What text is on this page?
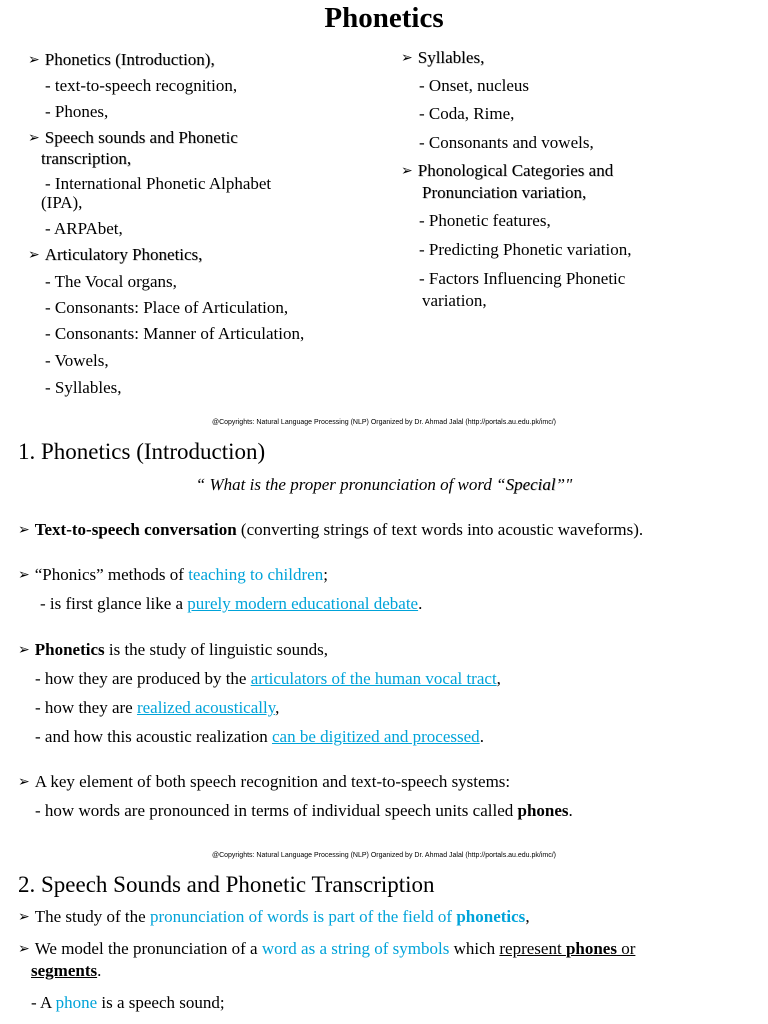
Phonetics
➢ Phonetics (Introduction),
- text-to-speech recognition,
- Phones,
➢ Speech sounds and Phonetic
transcription,
- International Phonetic Alphabet
(IPA),
- ARPAbet,
➢ Articulatory Phonetics,
- The Vocal organs,
- Consonants: Place of Articulation,
- Consonants: Manner of Articulation,
- Vowels,
- Syllables,
➢ Syllables,
- Onset, nucleus
- Coda, Rime,
- Consonants and vowels,
➢ Phonological Categories and
Pronunciation variation,
- Phonetic features,
- Predicting Phonetic variation,
- Factors Influencing Phonetic
variation,
@Copyrights: Natural Language Processing (NLP) Organized by Dr. Ahmad Jalal (http://portals.au.edu.pk/imc/)
1. Phonetics (Introduction)
“ What is the proper pronunciation of word “Special”"
➢ Text-to-speech conversation (converting strings of text words into acoustic waveforms).
➢ “Phonics” methods of teaching to children;
- is first glance like a purely modern educational debate.
➢ Phonetics is the study of linguistic sounds,
- how they are produced by the articulators of the human vocal tract,
- how they are realized acoustically,
- and how this acoustic realization can be digitized and processed.
➢ A key element of both speech recognition and text-to-speech systems:
- how words are pronounced in terms of individual speech units called phones.
@Copyrights: Natural Language Processing (NLP) Organized by Dr. Ahmad Jalal (http://portals.au.edu.pk/imc/)
2. Speech Sounds and Phonetic Transcription
➢ The study of the pronunciation of words is part of the field of phonetics,
➢ We model the pronunciation of a word as a string of symbols which represent phones or
segments.
- A phone is a speech sound;
